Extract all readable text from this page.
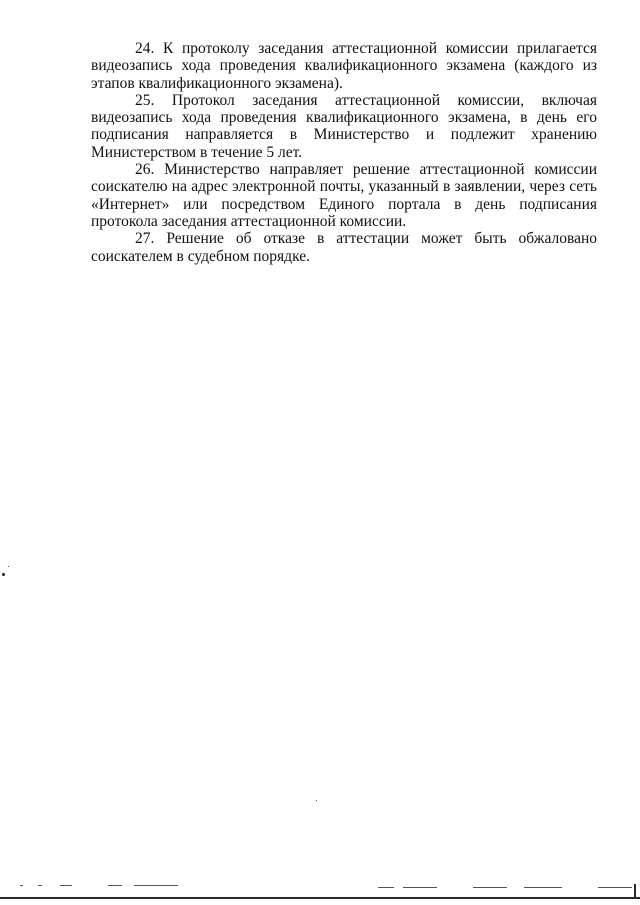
24. К протоколу заседания аттестационной комиссии прилагается видеозапись хода проведения квалификационного экзамена (каждого из этапов квалификационного экзамена).

25. Протокол заседания аттестационной комиссии, включая видеозапись хода проведения квалификационного экзамена, в день его подписания направляется в Министерство и подлежит хранению Министерством в течение 5 лет.

26. Министерство направляет решение аттестационной комиссии соискателю на адрес электронной почты, указанный в заявлении, через сеть «Интернет» или посредством Единого портала в день подписания протокола заседания аттестационной комиссии.

27. Решение об отказе в аттестации может быть обжаловано соискателем в судебном порядке.
